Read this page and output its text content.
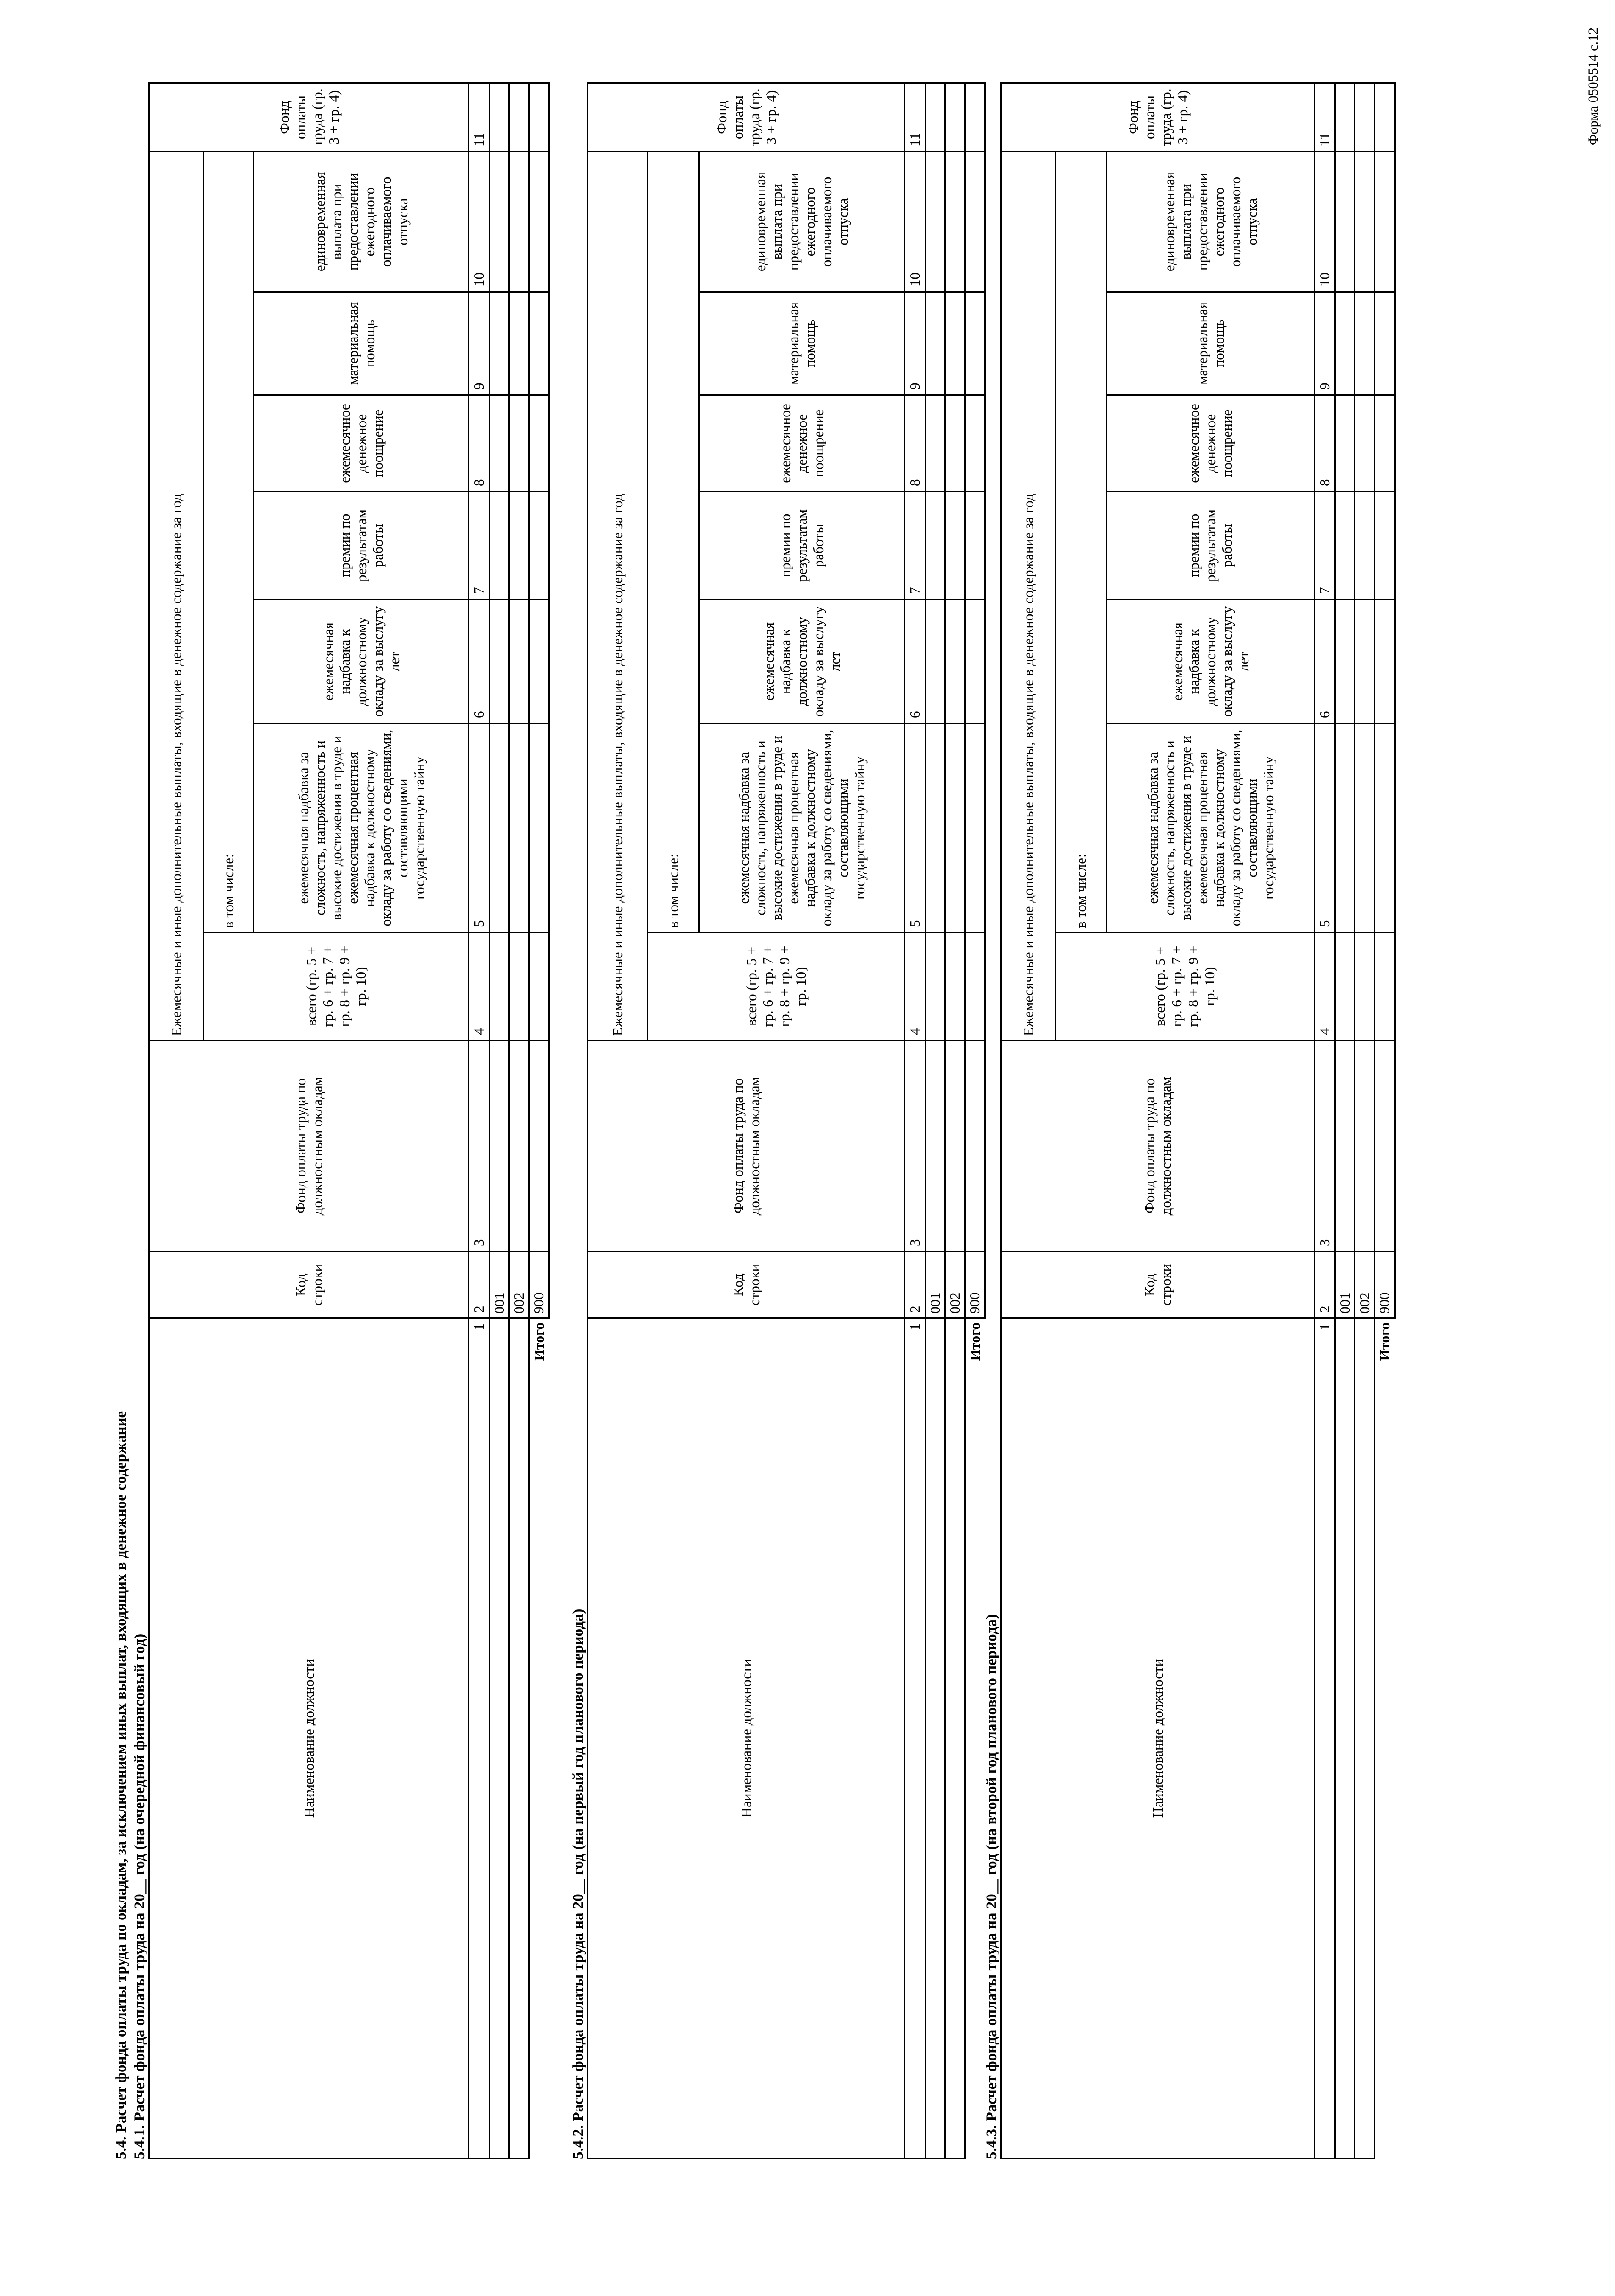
Форма 0505514 с.12
5.4. Расчет фонда оплаты труда по окладам, за исключением иных выплат, входящих в денежное содержание 5.4.1. Расчет фонда оплаты труда на 20__ год (на очередной финансовый год)	Наименование должности	Код строки	Фонд оплаты труда по должностным окладам	Ежемесячные и иные дополнительные выплаты, входящие в денежное содержание за год							Фонд оплаты труда (гр. 3 + гр. 4)
			всего (гр. 5 + гр. 6 + гр. 7 + гр. 8 + гр. 9 + гр. 10)	в том числе:						
				ежемесячная надбавка за сложность, напряженность и высокие достижения в труде и ежемесячная процентная надбавка к должностному окладу за работу со сведениями, составляющими государственную тайну	ежемесячная надбавка к должностному окладу за выслугу лет	премии по результатам работы	ежемесячное денежное поощрение	материальная помощь	единовременная выплата при предоставлении ежегодного оплачиваемого отпуска	
1	2	3	4	5	6	7	8	9	10	11
	001									
	002									
Итого	900									
5.4.2. Расчет фонда оплаты труда на 20__ год (на первый год планового периода)	Наименование должности	Код строки	Фонд оплаты труда по должностным окладам	Ежемесячные и иные дополнительные выплаты, входящие в денежное содержание за год							Фонд оплаты труда (гр. 3 + гр. 4)
			всего (гр. 5 + гр. 6 + гр. 7 + гр. 8 + гр. 9 + гр. 10)	в том числе:						
				ежемесячная надбавка за сложность, напряженность и высокие достижения в труде и ежемесячная процентная надбавка к должностному окладу за работу со сведениями, составляющими государственную тайну	ежемесячная надбавка к должностному окладу за выслугу лет	премии по результатам работы	ежемесячное денежное поощрение	материальная помощь	единовременная выплата при предоставлении ежегодного оплачиваемого отпуска	
1	2	3	4	5	6	7	8	9	10	11
	001									
	002									
Итого	900									
5.4.3. Расчет фонда оплаты труда на 20__ год (на второй год планового периода)	Наименование должности	Код строки	Фонд оплаты труда по должностным окладам	Ежемесячные и иные дополнительные выплаты, входящие в денежное содержание за год							Фонд оплаты труда (гр. 3 + гр. 4)
			всего (гр. 5 + гр. 6 + гр. 7 + гр. 8 + гр. 9 + гр. 10)	в том числе:						
				ежемесячная надбавка за сложность, напряженность и высокие достижения в труде и ежемесячная процентная надбавка к должностному окладу за работу со сведениями, составляющими государственную тайну	ежемесячная надбавка к должностному окладу за выслугу лет	премии по результатам работы	ежемесячное денежное поощрение	материальная помощь	единовременная выплата при предоставлении ежегодного оплачиваемого отпуска	
1	2	3	4	5	6	7	8	9	10	11
	001									
	002									
Итого	900									
